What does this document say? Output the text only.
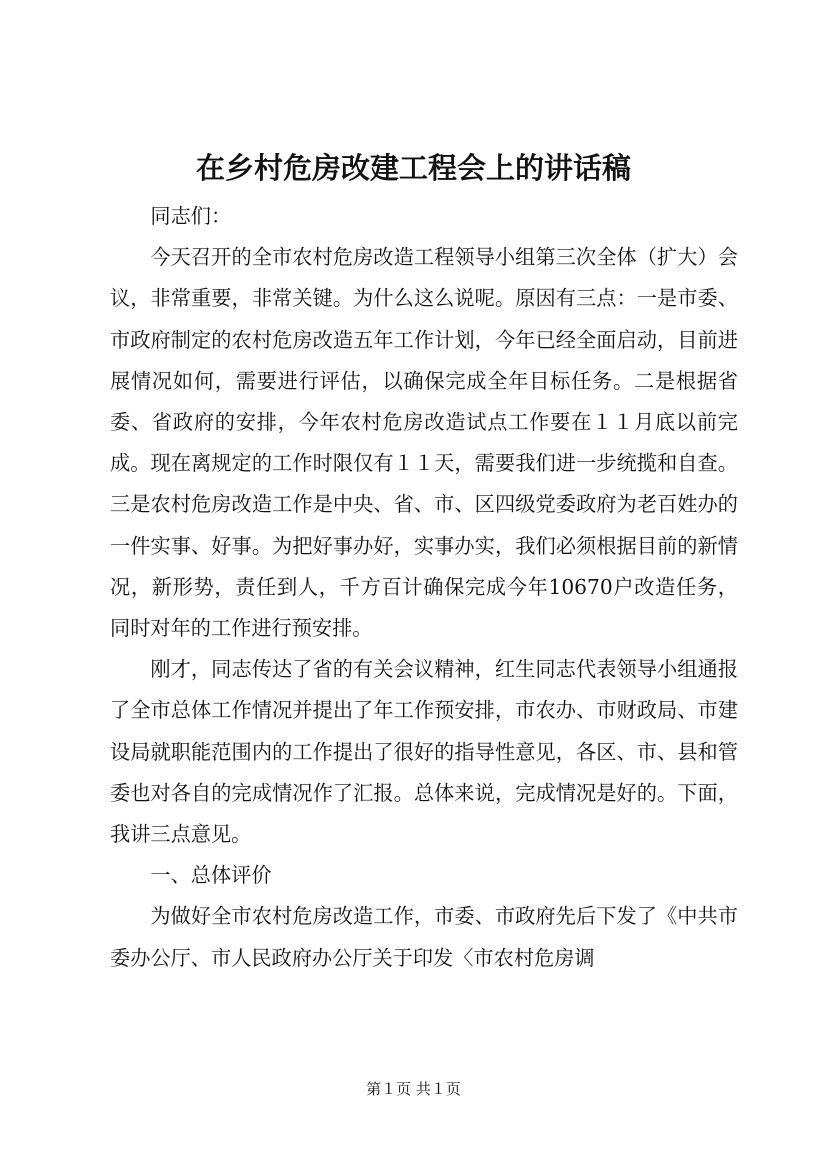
在乡村危房改建工程会上的讲话稿

同志们：

今天召开的全市农村危房改造工程领导小组第三次全体（扩大）会议，非常重要，非常关键。为什么这么说呢。原因有三点：一是市委、市政府制定的农村危房改造五年工作计划，今年已经全面启动，目前进展情况如何，需要进行评估，以确保完成全年目标任务。二是根据省委、省政府的安排，今年农村危房改造试点工作要在１１月底以前完成。现在离规定的工作时限仅有１１天，需要我们进一步统揽和自查。三是农村危房改造工作是中央、省、市、区四级党委政府为老百姓办的一件实事、好事。为把好事办好，实事办实，我们必须根据目前的新情况，新形势，责任到人，千方百计确保完成今年10670户改造任务，同时对年的工作进行预安排。

刚才，同志传达了省的有关会议精神，红生同志代表领导小组通报了全市总体工作情况并提出了年工作预安排，市农办、市财政局、市建设局就职能范围内的工作提出了很好的指导性意见，各区、市、县和管委也对各自的完成情况作了汇报。总体来说，完成情况是好的。下面，我讲三点意见。

一、总体评价

为做好全市农村危房改造工作，市委、市政府先后下发了《中共市委办公厅、市人民政府办公厅关于印发〈市农村危房调

第１页 共１页
